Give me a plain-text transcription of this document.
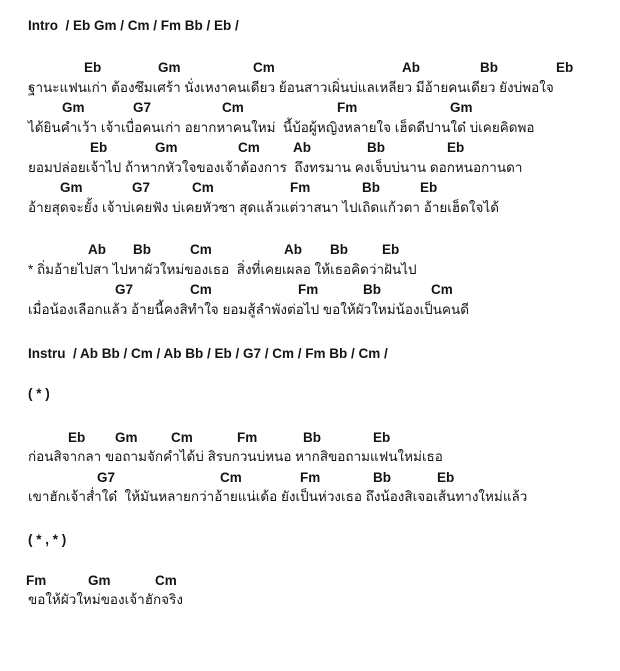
Intro  / Eb Gm / Cm / Fm Bb / Eb /

Eb

	Gm

	Cm

	Ab

	Bb

	Eb

ฐานะแฟนเก่า ต้องซึมเศร้า นั่งเหงาคนเดียว ย้อนสาวเผิ่นบ่แลเหลียว มีอ้ายคนเดียว ยังบ่พอใจ

Gm

	G7

	Cm

	Fm

	Gm

ได้ยินคำเว้า เจ้าเบื่อคนเก่า อยากหาคนใหม่  นี้บ้อผู้หญิงหลายใจ เฮ็ดดีปานใด๋ บ่เคยคิดพอ

Eb

	Gm

	Cm

Ab

	Bb

	Eb

ยอมปล่อยเจ้าไป ถ้าหากหัวใจของเจ้าต้องการ  ถึงทรมาน คงเจ็บบ่นาน ดอกหนอกานดา

Gm

	G7

	Cm

	Fm

	Bb

	Eb

อ้ายสุดจะยั้ง เจ้าบ่เคยฟัง บ่เคยหัวซา สุดแล้วแต่วาสนา ไปเถิดแก้วตา อ้ายเฮ็ดใจได้

Ab

Bb

	Cm

	Ab

Bb

	Eb

* ถิ่มอ้ายไปสา ไปหาผัวใหม่ของเธอ  สิ่งที่เคยเผลอ ให้เธอคิดว่าฝันไป

G7

	Cm

	Fm

	Bb

	Cm

เมื่อน้องเลือกแล้ว อ้ายนี้คงสิทำใจ ยอมสู้ลำพังต่อไป ขอให้ผัวใหม่น้องเป็นคนดี
Instru  / Ab Bb / Cm / Ab Bb / Eb / G7 / Cm / Fm Bb / Cm /
( * )

Eb

Gm

Cm

	Fm

	Bb

	Eb

ก่อนสิจากลา ขอถามจักคำได้บ่ สิรบกวนบ่หนอ หากสิขอถามแฟนใหม่เธอ

G7

	Cm

	Fm

	Bb

	Eb

เขาฮักเจ้าส่ำใด๋  ให้มันหลายกว่าอ้ายแน่เด้อ ยังเป็นห่วงเธอ ถึงน้องสิเจอเส้นทางใหม่แล้ว
( * , * )

Fm

	Gm

	Cm

ขอให้ผัวใหม่ของเจ้าฮักจริง
